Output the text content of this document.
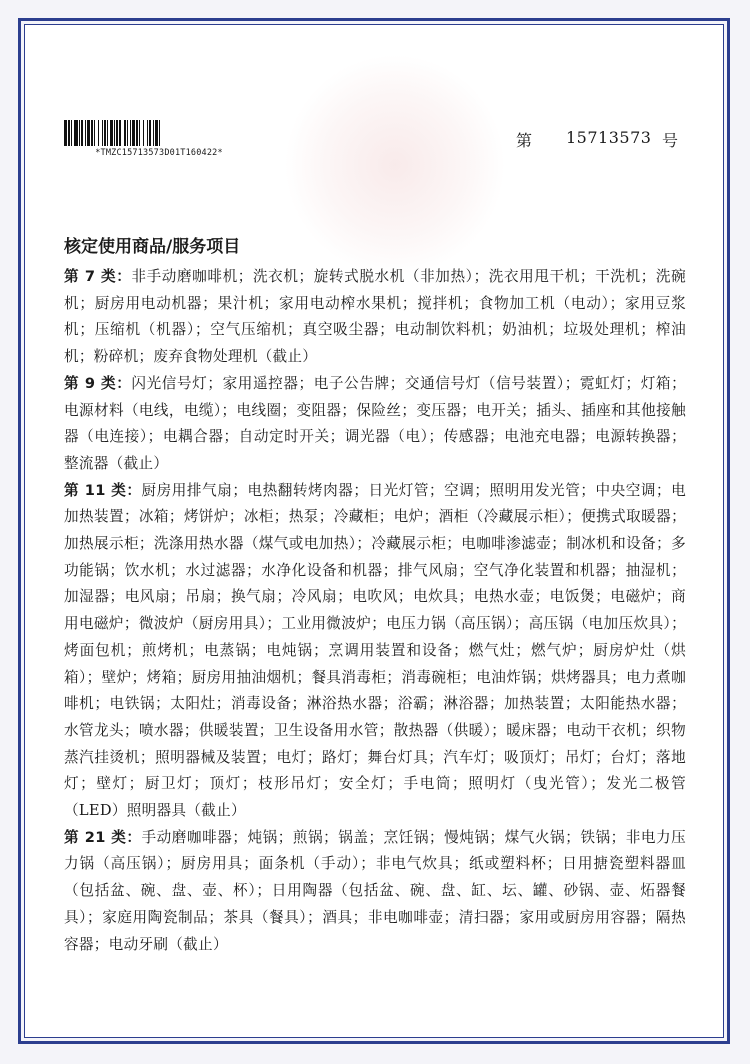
*TMZC15713573D01T160422*
第	15713573 号
核定使用商品/服务项目

第 7 类：非手动磨咖啡机；洗衣机；旋转式脱水机（非加热）；洗衣用甩干机；干洗机；洗碗机；厨房用电动机器；果汁机；家用电动榨水果机；搅拌机；食物加工机（电动）；家用豆浆机；压缩机（机器）；空气压缩机；真空吸尘器；电动制饮料机；奶油机；垃圾处理机；榨油机；粉碎机；废弃食物处理机（截止）

第 9 类：闪光信号灯；家用遥控器；电子公告牌；交通信号灯（信号装置）；霓虹灯；灯箱；电源材料（电线，电缆）；电线圈；变阻器；保险丝；变压器；电开关；插头、插座和其他接触器（电连接）；电耦合器；自动定时开关；调光器（电）；传感器；电池充电器；电源转换器；整流器（截止）

第 11 类：厨房用排气扇；电热翻转烤肉器；日光灯管；空调；照明用发光管；中央空调；电加热装置；冰箱；烤饼炉；冰柜；热泵；冷藏柜；电炉；酒柜（冷藏展示柜）；便携式取暖器；加热展示柜；洗涤用热水器（煤气或电加热）；冷藏展示柜；电咖啡渗滤壶；制冰机和设备；多功能锅；饮水机；水过滤器；水净化设备和机器；排气风扇；空气净化装置和机器；抽湿机；加湿器；电风扇；吊扇；换气扇；冷风扇；电吹风；电炊具；电热水壶；电饭煲；电磁炉；商用电磁炉；微波炉（厨房用具）；工业用微波炉；电压力锅（高压锅）；高压锅（电加压炊具）；烤面包机；煎烤机；电蒸锅；电炖锅；烹调用装置和设备；燃气灶；燃气炉；厨房炉灶（烘箱）；壁炉；烤箱；厨房用抽油烟机；餐具消毒柜；消毒碗柜；电油炸锅；烘烤器具；电力煮咖啡机；电铁锅；太阳灶；消毒设备；淋浴热水器；浴霸；淋浴器；加热装置；太阳能热水器；水管龙头；喷水器；供暖装置；卫生设备用水管；散热器（供暖）；暖床器；电动干衣机；织物蒸汽挂烫机；照明器械及装置；电灯；路灯；舞台灯具；汽车灯；吸顶灯；吊灯；台灯；落地灯；壁灯；厨卫灯；顶灯；枝形吊灯；安全灯；手电筒；照明灯（曳光管）；发光二极管（LED）照明器具（截止）

第 21 类：手动磨咖啡器；炖锅；煎锅；锅盖；烹饪锅；慢炖锅；煤气火锅；铁锅；非电力压力锅（高压锅）；厨房用具；面条机（手动）；非电气炊具；纸或塑料杯；日用搪瓷塑料器皿（包括盆、碗、盘、壶、杯）；日用陶器（包括盆、碗、盘、缸、坛、罐、砂锅、壶、炻器餐具）；家庭用陶瓷制品；茶具（餐具）；酒具；非电咖啡壶；清扫器；家用或厨房用容器；隔热容器；电动牙刷（截止）
